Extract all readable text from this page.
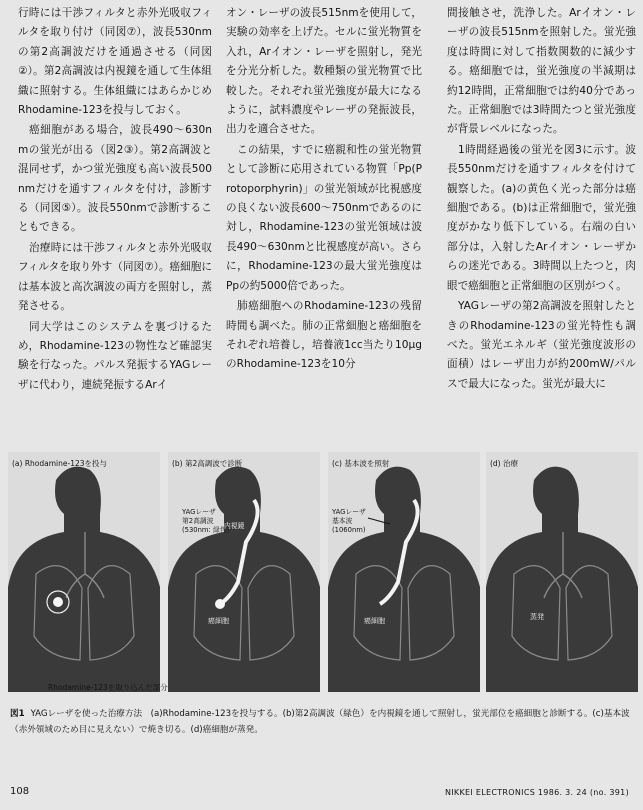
行時には干渉フィルタと赤外光吸収フィルタを取り付け（同図⑦），波長530nmの第2高調波だけを通過させる（同図②）。第2高調波は内視鏡を通して生体組織に照射する。生体組織にはあらかじめRhodamine-123を投与しておく。

癌細胞がある場合，波長490〜630nmの蛍光が出る（図2③）。第2高調波と混同せず，かつ蛍光強度も高い波長500nmだけを通すフィルタを付け，診断する（同図⑤）。波長550nmで診断することもできる。

治療時には干渉フィルタと赤外光吸収フィルタを取り外す（同図⑦）。癌細胞には基本波と高次調波の両方を照射し，蒸発させる。

同大学はこのシステムを裏づけるため，Rhodamine-123の物性など確認実験を行なった。パルス発振するYAGレーザに代わり，連続発振するArイ

オン・レーザの波長515nmを使用して，実験の効率を上げた。セルに蛍光物質を入れ，Arイオン・レーザを照射し，発光を分光分析した。数種類の蛍光物質で比較した。それぞれ蛍光強度が最大になるように，試料濃度やレーザの発振波長，出力を適合させた。

この結果，すでに癌親和性の蛍光物質として診断に応用されている物質「Pp(Protoporphyrin)」の蛍光領域が比視感度の良くない波長600〜750nmであるのに対し，Rhodamine-123の蛍光領域は波長490〜630nmと比視感度が高い。さらに，Rhodamine-123の最大蛍光強度はPpの約5000倍であった。

肺癌細胞へのRhodamine-123の残留時間も調べた。肺の正常細胞と癌細胞をそれぞれ培養し，培養液1cc当たり10μgのRhodamine-123を10分

間接触させ，洗浄した。Arイオン・レーザの波長515nmを照射した。蛍光強度は時間に対して指数関数的に減少する。癌細胞では，蛍光強度の半減期は約12時間，正常細胞では約40分であった。正常細胞では3時間たつと蛍光強度が背景レベルになった。

1時間経過後の蛍光を図3に示す。波長550nmだけを通すフィルタを付けて観察した。(a)の黄色く光った部分は癌細胞である。(b)は正常細胞で，蛍光強度がかなり低下している。右端の白い部分は，入射したArイオン・レーザからの迷光である。3時間以上たつと，肉眼で癌細胞と正常細胞の区別がつく。

YAGレーザの第2高調波を照射したときのRhodamine-123の蛍光特性も調べた。蛍光エネルギ（蛍光強度波形の面積）はレーザ出力が約200mW/パルスで最大になった。蛍光が最大に

(a) Rhodamine-123を投与	(b) 第2高調波で診断
YAGレーザ
第2高調波
(530nm: 緑色)
内視鏡
癌細胞
(c) 基本波を照射
YAGレーザ
基本波
(1060nm)
癌細胞
(d) 治療
蒸発
Rhodamine-123を取り込んだ部分
図1 YAGレーザを使った治療方法　(a)Rhodamine-123を投与する。(b)第2高調波（緑色）を内視鏡を通して照射し，蛍光部位を癌細胞と診断する。(c)基本波（赤外領域のため目に見えない）で焼き切る。(d)癌細胞が蒸発。
108	NIKKEI ELECTRONICS 1986. 3. 24 (no. 391)
